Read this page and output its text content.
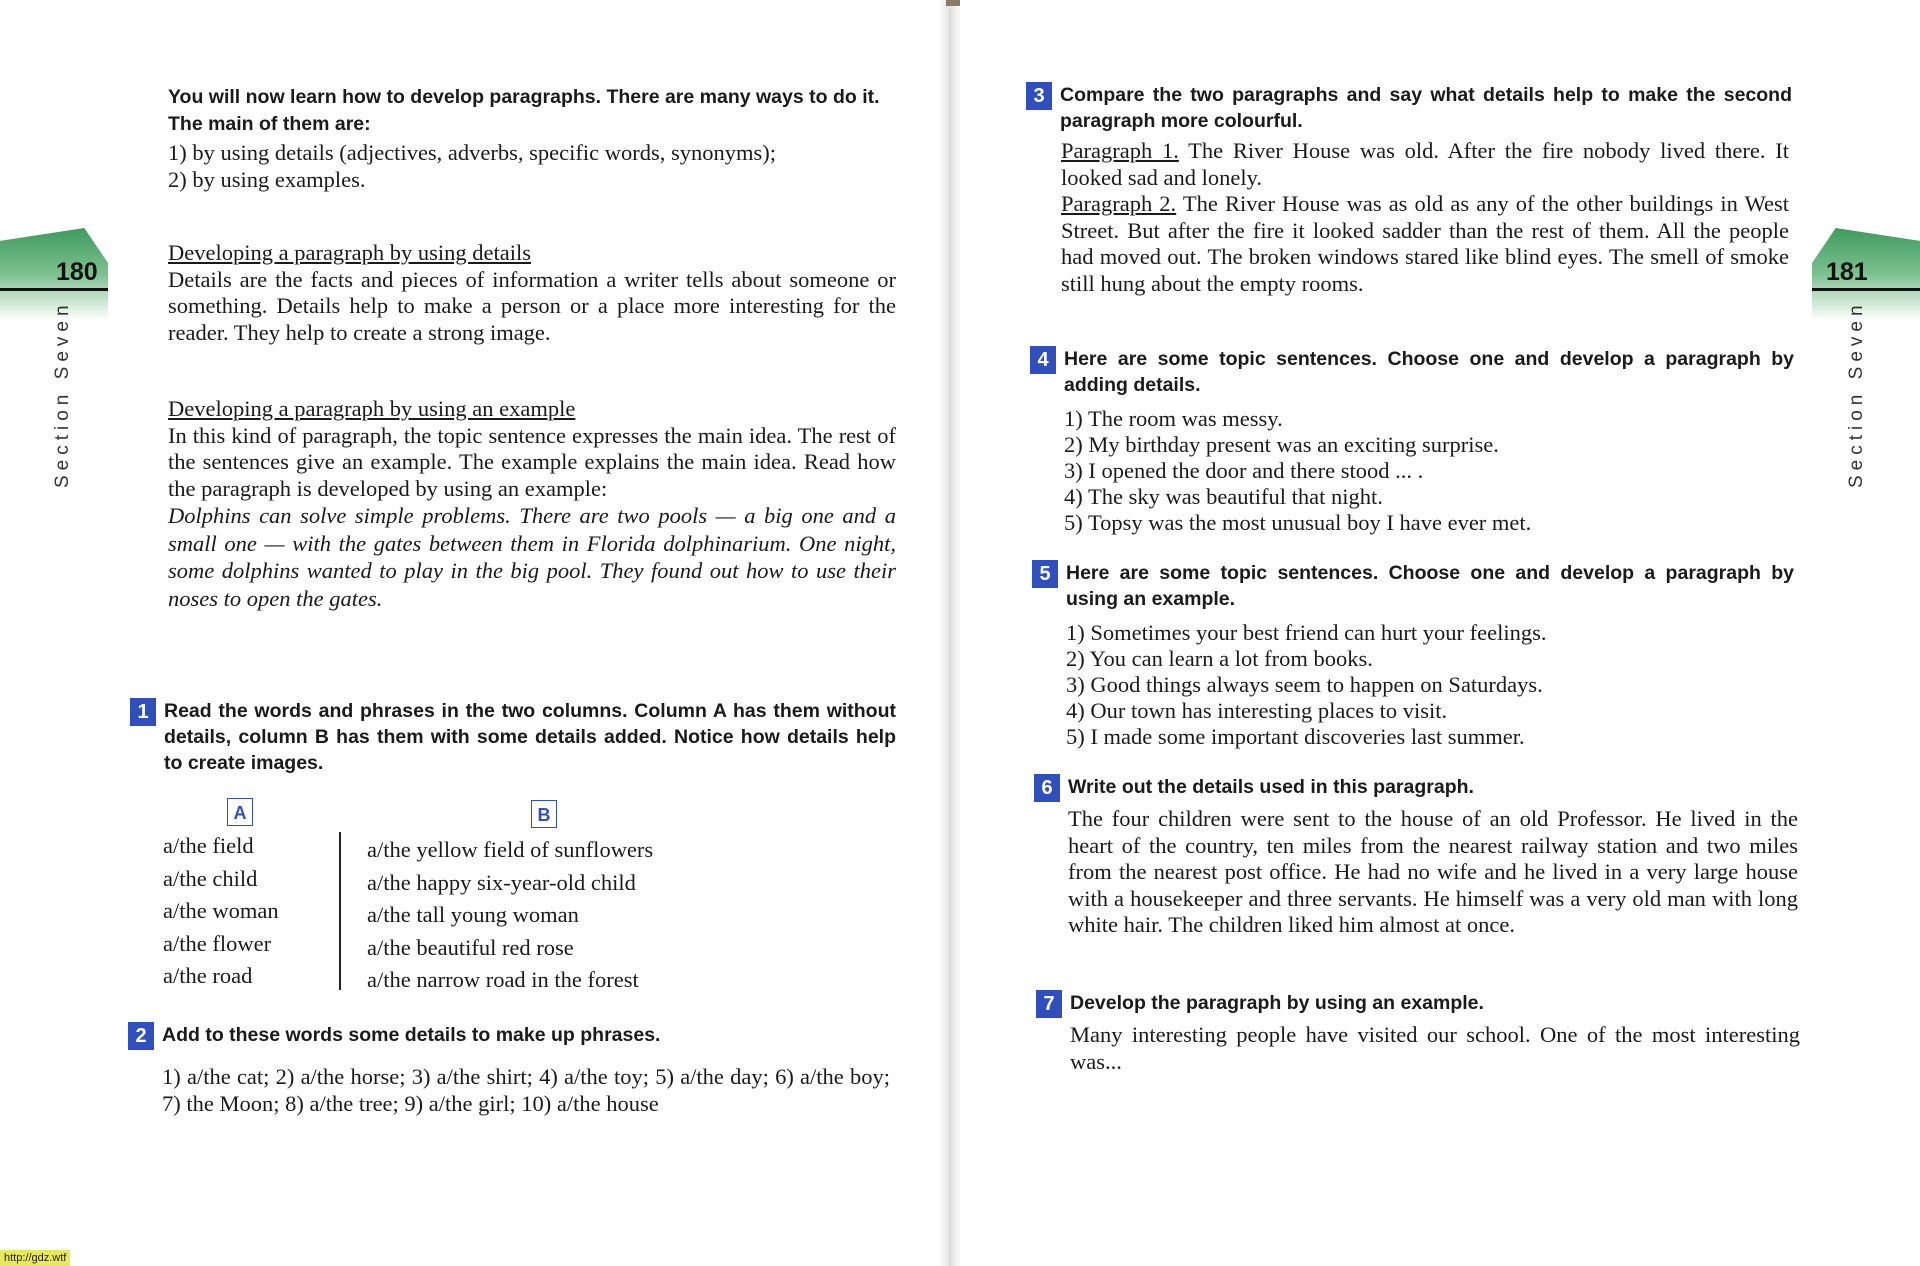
180
Section Seven
You will now learn how to develop paragraphs. There are many ways to do it. The main of them are:

1) by using details (adjectives, adverbs, specific words, synonyms);

2) by using examples.

Developing a paragraph by using details

Details are the facts and pieces of information a writer tells about someone or something. Details help to make a person or a place more interesting for the reader. They help to create a strong image.

Developing a paragraph by using an example

In this kind of paragraph, the topic sentence expresses the main idea. The rest of the sentences give an example. The example explains the main idea. Read how the paragraph is developed by using an example:

Dolphins can solve simple problems. There are two pools — a big one and a small one — with the gates between them in Florida dolphinarium. One night, some dolphins wanted to play in the big pool. They found out how to use their noses to open the gates.

1 Read the words and phrases in the two columns. Column A has them without details, column B has them with some details added. Notice how details help to create images.
A	B
a/the field
a/the child
a/the woman
a/the flower
a/the road
a/the yellow field of sunflowers
a/the happy six-year-old child
a/the tall young woman
a/the beautiful red rose
a/the narrow road in the forest
2 Add to these words some details to make up phrases.
1) a/the cat; 2) a/the horse; 3) a/the shirt; 4) a/the toy; 5) a/the day; 6) a/the boy; 7) the Moon; 8) a/the tree; 9) a/the girl; 10) a/the house
http://gdz.wtf
181
Section Seven
3 Compare the two paragraphs and say what details help to make the second paragraph more colourful.

Paragraph 1. The River House was old. After the fire nobody lived there. It looked sad and lonely.

Paragraph 2. The River House was as old as any of the other buildings in West Street. But after the fire it looked sadder than the rest of them. All the people had moved out. The broken windows stared like blind eyes. The smell of smoke still hung about the empty rooms.

4 Here are some topic sentences. Choose one and develop a paragraph by adding details.
1) The room was messy.
2) My birthday present was an exciting surprise.
3) I opened the door and there stood ... .
4) The sky was beautiful that night.
5) Topsy was the most unusual boy I have ever met.
5 Here are some topic sentences. Choose one and develop a paragraph by using an example.
1) Sometimes your best friend can hurt your feelings.
2) You can learn a lot from books.
3) Good things always seem to happen on Saturdays.
4) Our town has interesting places to visit.
5) I made some important discoveries last summer.
6 Write out the details used in this paragraph.
The four children were sent to the house of an old Professor. He lived in the heart of the country, ten miles from the nearest railway station and two miles from the nearest post office. He had no wife and he lived in a very large house with a housekeeper and three servants. He himself was a very old man with long white hair. The children liked him almost at once.
7 Develop the paragraph by using an example.
Many interesting people have visited our school. One of the most interesting was...
